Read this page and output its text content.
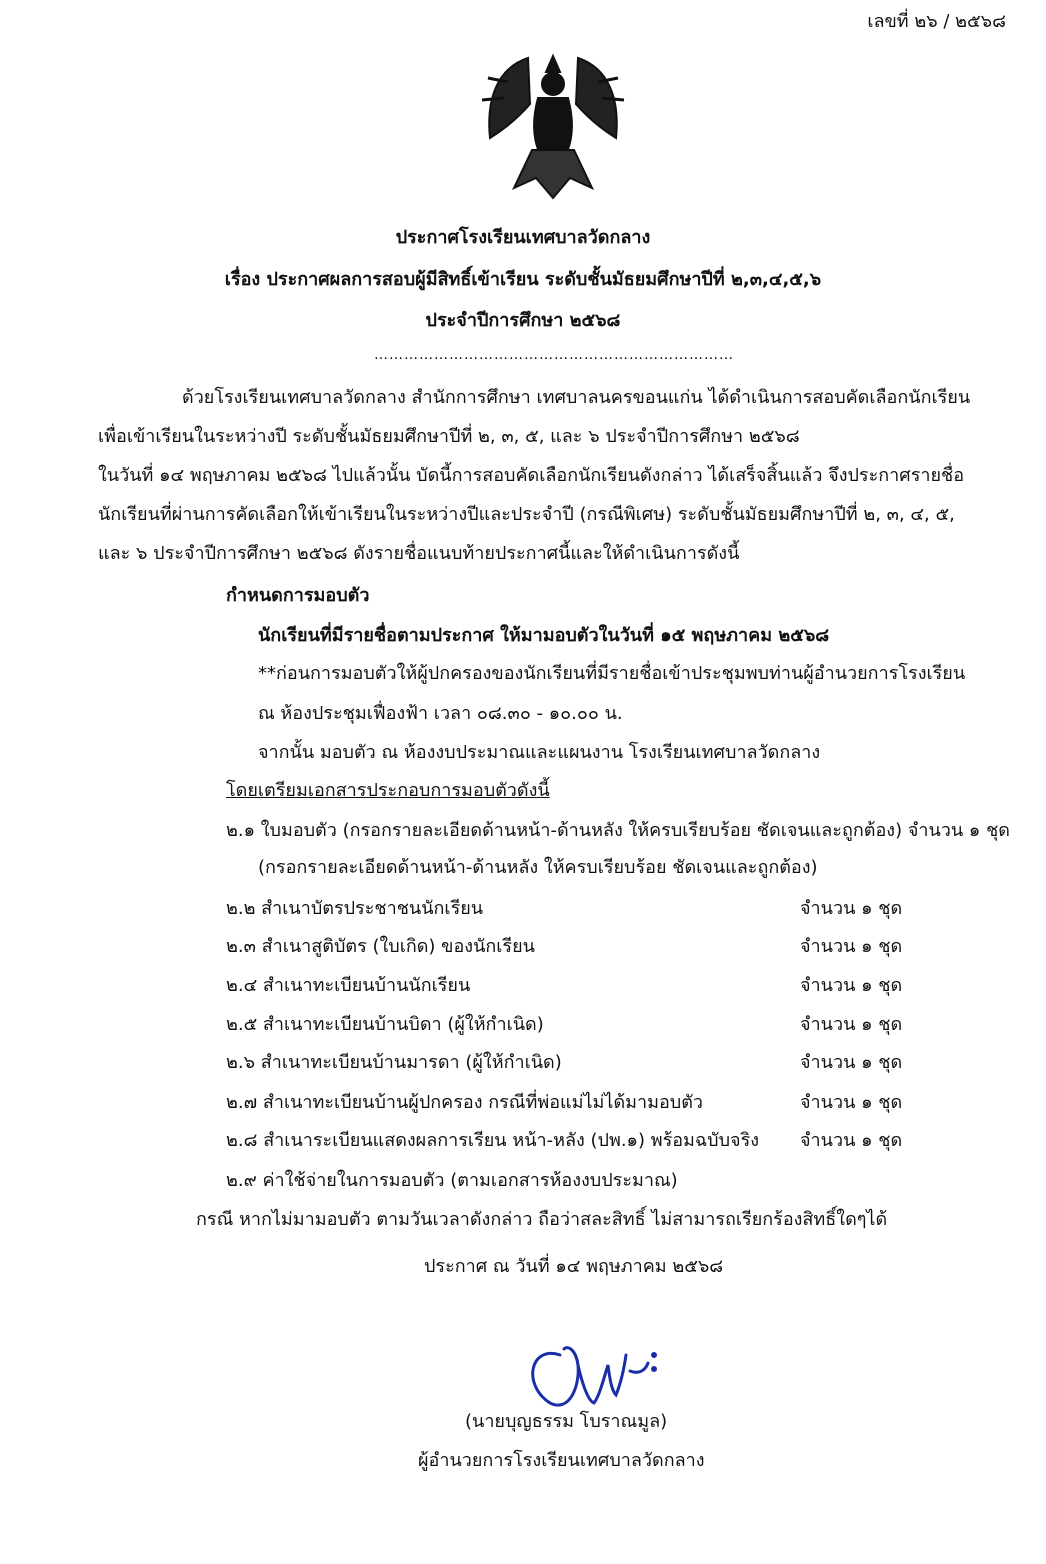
เลขที่ ๒๖ / ๒๕๖๘
ประกาศโรงเรียนเทศบาลวัดกลาง
เรื่อง ประกาศผลการสอบผู้มีสิทธิ์เข้าเรียน ระดับชั้นมัธยมศึกษาปีที่ ๒,๓,๔,๕,๖
ประจำปีการศึกษา ๒๕๖๘
………………………………………………………………
ด้วยโรงเรียนเทศบาลวัดกลาง สำนักการศึกษา เทศบาลนครขอนแก่น ได้ดำเนินการสอบคัดเลือกนักเรียน
เพื่อเข้าเรียนในระหว่างปี ระดับชั้นมัธยมศึกษาปีที่ ๒, ๓, ๕, และ ๖ ประจำปีการศึกษา ๒๕๖๘
ในวันที่ ๑๔ พฤษภาคม ๒๕๖๘ ไปแล้วนั้น บัดนี้การสอบคัดเลือกนักเรียนดังกล่าว ได้เสร็จสิ้นแล้ว จึงประกาศรายชื่อ
นักเรียนที่ผ่านการคัดเลือกให้เข้าเรียนในระหว่างปีและประจำปี (กรณีพิเศษ) ระดับชั้นมัธยมศึกษาปีที่ ๒, ๓, ๔, ๕,
และ ๖ ประจำปีการศึกษา ๒๕๖๘ ดังรายชื่อแนบท้ายประกาศนี้และให้ดำเนินการดังนี้
กำหนดการมอบตัว
นักเรียนที่มีรายชื่อตามประกาศ ให้มามอบตัวในวันที่ ๑๕ พฤษภาคม ๒๕๖๘
**ก่อนการมอบตัวให้ผู้ปกครองของนักเรียนที่มีรายชื่อเข้าประชุมพบท่านผู้อำนวยการโรงเรียน
ณ ห้องประชุมเฟื่องฟ้า เวลา ๐๘.๓๐ - ๑๐.๐๐ น.
จากนั้น มอบตัว ณ ห้องงบประมาณและแผนงาน โรงเรียนเทศบาลวัดกลาง
โดยเตรียมเอกสารประกอบการมอบตัวดังนี้
๒.๑ ใบมอบตัว (กรอกรายละเอียดด้านหน้า-ด้านหลัง ให้ครบเรียบร้อย ชัดเจนและถูกต้อง) จำนวน ๑ ชุด
(กรอกรายละเอียดด้านหน้า-ด้านหลัง ให้ครบเรียบร้อย ชัดเจนและถูกต้อง)
๒.๒ สำเนาบัตรประชาชนนักเรียน	จำนวน ๑ ชุด
๒.๓ สำเนาสูติบัตร (ใบเกิด) ของนักเรียน	จำนวน ๑ ชุด
๒.๔ สำเนาทะเบียนบ้านนักเรียน	จำนวน ๑ ชุด
๒.๕ สำเนาทะเบียนบ้านบิดา (ผู้ให้กำเนิด)	จำนวน ๑ ชุด
๒.๖ สำเนาทะเบียนบ้านมารดา (ผู้ให้กำเนิด)	จำนวน ๑ ชุด
๒.๗ สำเนาทะเบียนบ้านผู้ปกครอง กรณีที่พ่อแม่ไม่ได้มามอบตัว	จำนวน ๑ ชุด
๒.๘ สำเนาระเบียนแสดงผลการเรียน หน้า-หลัง (ปพ.๑) พร้อมฉบับจริง จำนวน ๑ ชุด
๒.๙ ค่าใช้จ่ายในการมอบตัว (ตามเอกสารห้องงบประมาณ)
กรณี หากไม่มามอบตัว ตามวันเวลาดังกล่าว ถือว่าสละสิทธิ์ ไม่สามารถเรียกร้องสิทธิ์ใดๆได้
ประกาศ ณ วันที่ ๑๔ พฤษภาคม ๒๕๖๘
(นายบุญธรรม โบราณมูล)
ผู้อำนวยการโรงเรียนเทศบาลวัดกลาง
